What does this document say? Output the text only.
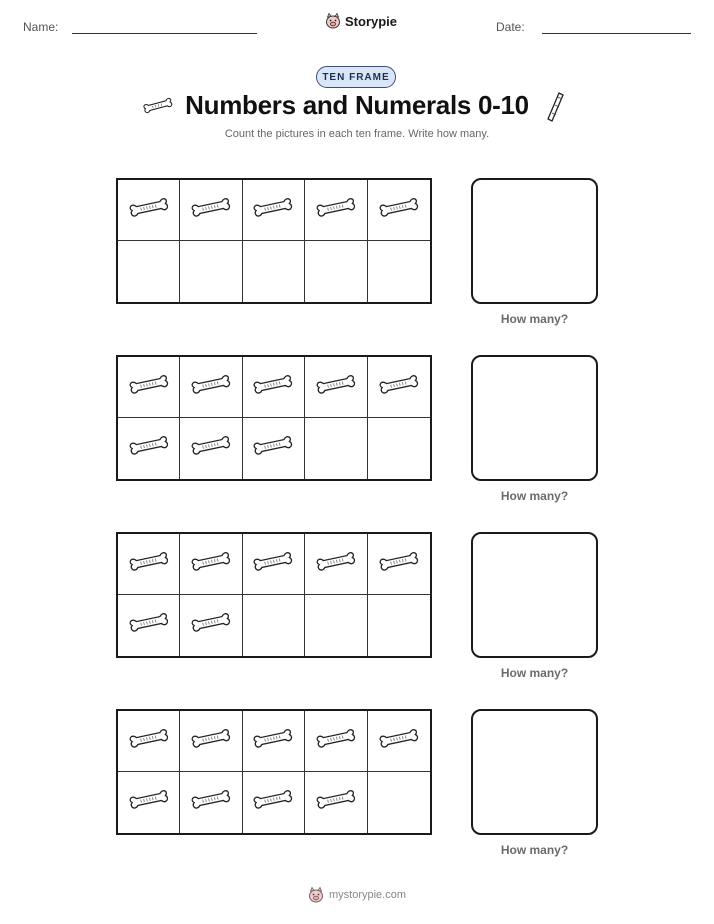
Name:	Storypie	Date:
TEN FRAME
Numbers and Numerals 0-10
Count the pictures in each ten frame. Write how many.
How many?
How many?
How many?
How many?
mystorypie.com
